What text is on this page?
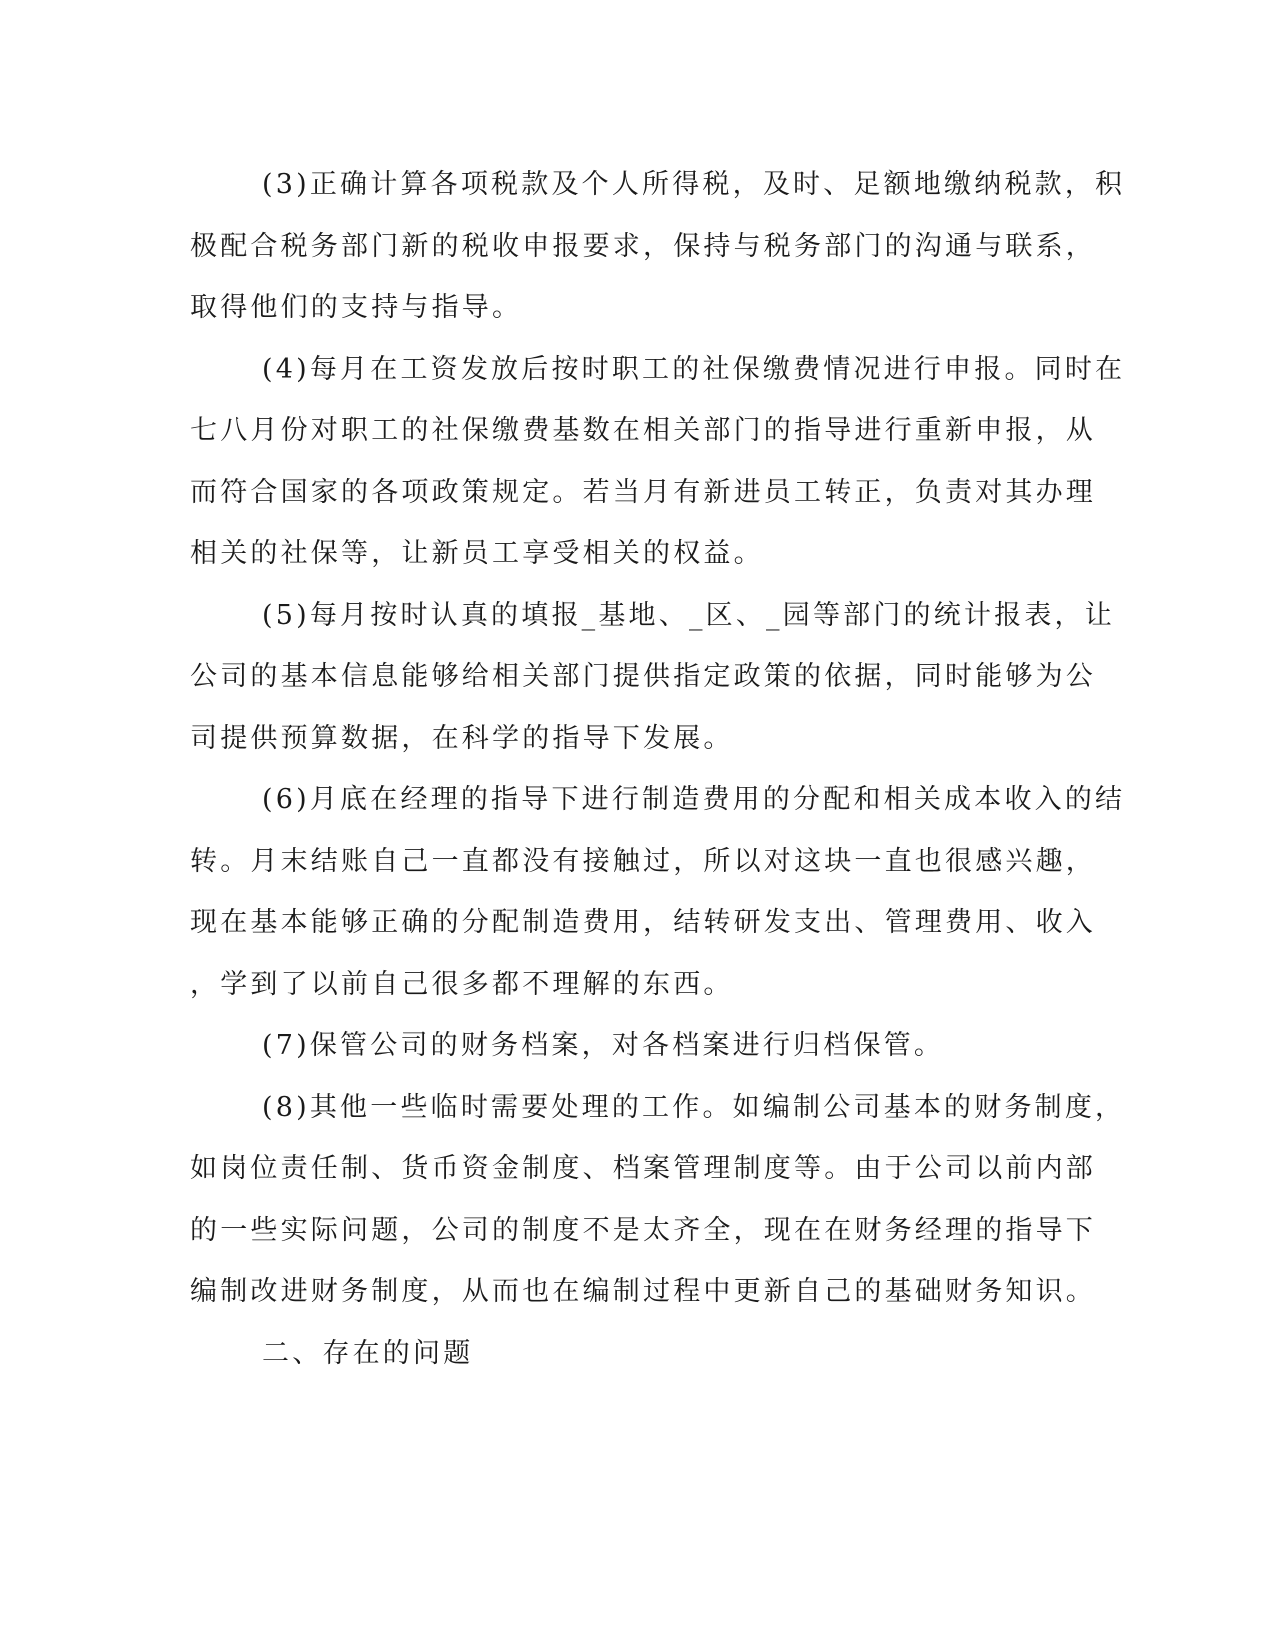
(3)正确计算各项税款及个人所得税，及时、足额地缴纳税款，积
极配合税务部门新的税收申报要求，保持与税务部门的沟通与联系，
取得他们的支持与指导。

(4)每月在工资发放后按时职工的社保缴费情况进行申报。同时在
七八月份对职工的社保缴费基数在相关部门的指导进行重新申报，从
而符合国家的各项政策规定。若当月有新进员工转正，负责对其办理
相关的社保等，让新员工享受相关的权益。

(5)每月按时认真的填报_基地、_区、_园等部门的统计报表，让
公司的基本信息能够给相关部门提供指定政策的依据，同时能够为公
司提供预算数据，在科学的指导下发展。

(6)月底在经理的指导下进行制造费用的分配和相关成本收入的结
转。月末结账自己一直都没有接触过，所以对这块一直也很感兴趣，
现在基本能够正确的分配制造费用，结转研发支出、管理费用、收入
，学到了以前自己很多都不理解的东西。

(7)保管公司的财务档案，对各档案进行归档保管。

(8)其他一些临时需要处理的工作。如编制公司基本的财务制度，
如岗位责任制、货币资金制度、档案管理制度等。由于公司以前内部
的一些实际问题，公司的制度不是太齐全，现在在财务经理的指导下
编制改进财务制度，从而也在编制过程中更新自己的基础财务知识。

二、存在的问题
